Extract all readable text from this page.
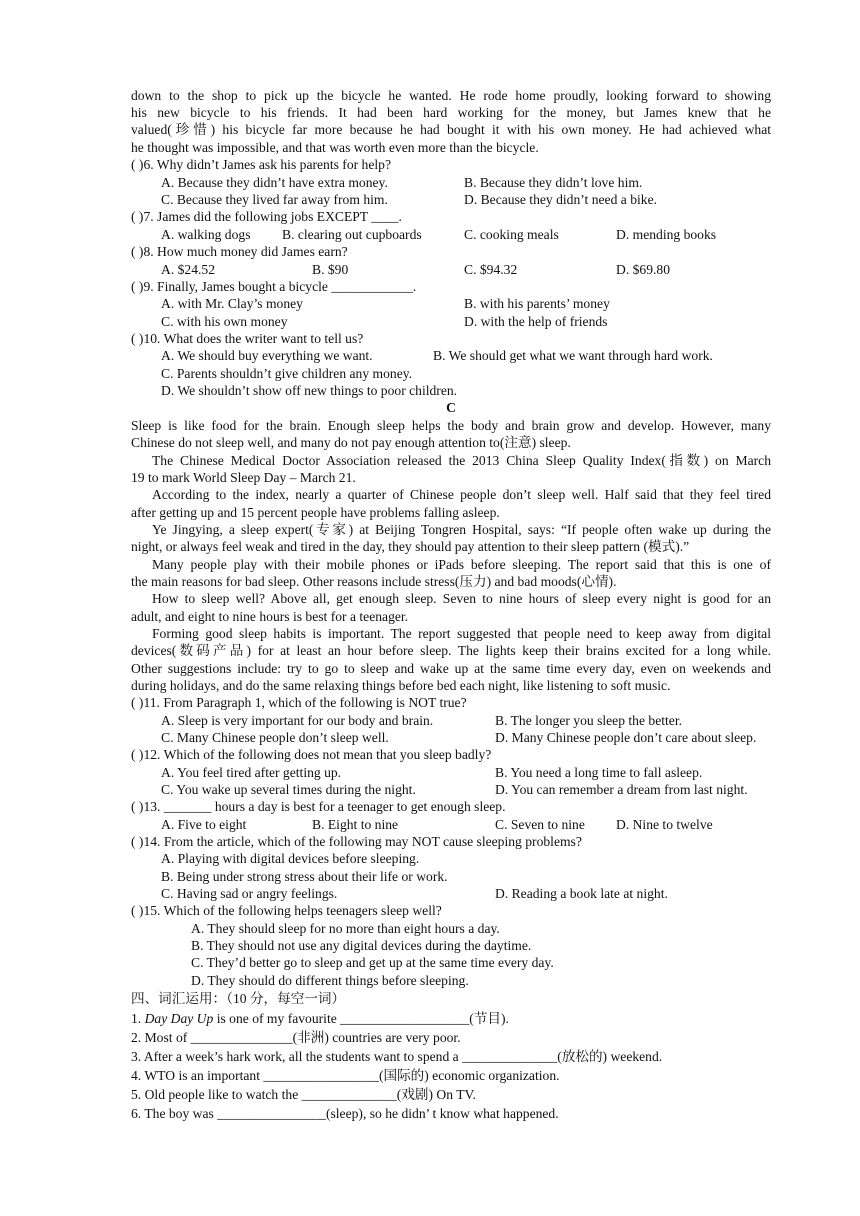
down to the shop to pick up the bicycle he wanted. He rode home proudly, looking forward to showing
his new bicycle to his friends. It had been hard working for the money, but James knew that he
valued(珍惜) his bicycle far more because he had bought it with his own money. He had achieved what
he thought was impossible, and that was worth even more than the bicycle.
( )6. Why didn’t James ask his parents for help?
A. Because they didn’t have extra money.	B. Because they didn’t love him.
C. Because they lived far away from him.	D. Because they didn’t need a bike.
( )7. James did the following jobs EXCEPT ____.
A. walking dogs B. clearing out cupboards	C. cooking meals	D. mending books
( )8. How much money did James earn?
A. $24.52	B. $90	C. $94.32	D. $69.80
( )9. Finally, James bought a bicycle ____________.
A. with Mr. Clay’s money	B. with his parents’ money
C. with his own money	D. with the help of friends
( )10. What does the writer want to tell us?
A. We should buy everything we want.	B. We should get what we want through hard work.
C. Parents shouldn’t give children any money.
D. We shouldn’t show off new things to poor children.
C
Sleep is like food for the brain. Enough sleep helps the body and brain grow and develop. However, many
Chinese do not sleep well, and many do not pay enough attention to(注意) sleep.
The Chinese Medical Doctor Association released the 2013 China Sleep Quality Index(指数) on March
19 to mark World Sleep Day – March 21.
According to the index, nearly a quarter of Chinese people don’t sleep well. Half said that they feel tired
after getting up and 15 percent people have problems falling asleep.
Ye Jingying, a sleep expert(专家) at Beijing Tongren Hospital, says: “If people often wake up during the
night, or always feel weak and tired in the day, they should pay attention to their sleep pattern (模式).”
Many people play with their mobile phones or iPads before sleeping. The report said that this is one of
the main reasons for bad sleep. Other reasons include stress(压力) and bad moods(心情).
How to sleep well? Above all, get enough sleep. Seven to nine hours of sleep every night is good for an
adult, and eight to nine hours is best for a teenager.
Forming good sleep habits is important. The report suggested that people need to keep away from digital
devices(数码产品) for at least an hour before sleep. The lights keep their brains excited for a long while.
Other suggestions include: try to go to sleep and wake up at the same time every day, even on weekends and
during holidays, and do the same relaxing things before bed each night, like listening to soft music.
( )11. From Paragraph 1, which of the following is NOT true?
A. Sleep is very important for our body and brain.	B. The longer you sleep the better.
C. Many Chinese people don’t sleep well.	D. Many Chinese people don’t care about sleep.
( )12. Which of the following does not mean that you sleep badly?
A. You feel tired after getting up.	B. You need a long time to fall asleep.
C. You wake up several times during the night.	D. You can remember a dream from last night.
( )13. _______ hours a day is best for a teenager to get enough sleep.
A. Five to eight	B. Eight to nine	C. Seven to nine D. Nine to twelve
( )14. From the article, which of the following may NOT cause sleeping problems?
A. Playing with digital devices before sleeping.
B. Being under strong stress about their life or work.
C. Having sad or angry feelings.	D. Reading a book late at night.
( )15. Which of the following helps teenagers sleep well?
A. They should sleep for no more than eight hours a day.
B. They should not use any digital devices during the daytime.
C. They’d better go to sleep and get up at the same time every day.
D. They should do different things before sleeping.
四、词汇运用：（10 分，每空一词）
1. Day Day Up is one of my favourite ___________________(节目).
2. Most of _______________(非洲) countries are very poor.
3. After a week’s hark work, all the students want to spend a ______________(放松的) weekend.
4. WTO is an important _________________(国际的) economic organization.
5. Old people like to watch the ______________(戏剧) On TV.
6. The boy was ________________(sleep), so he didn’ t know what happened.
